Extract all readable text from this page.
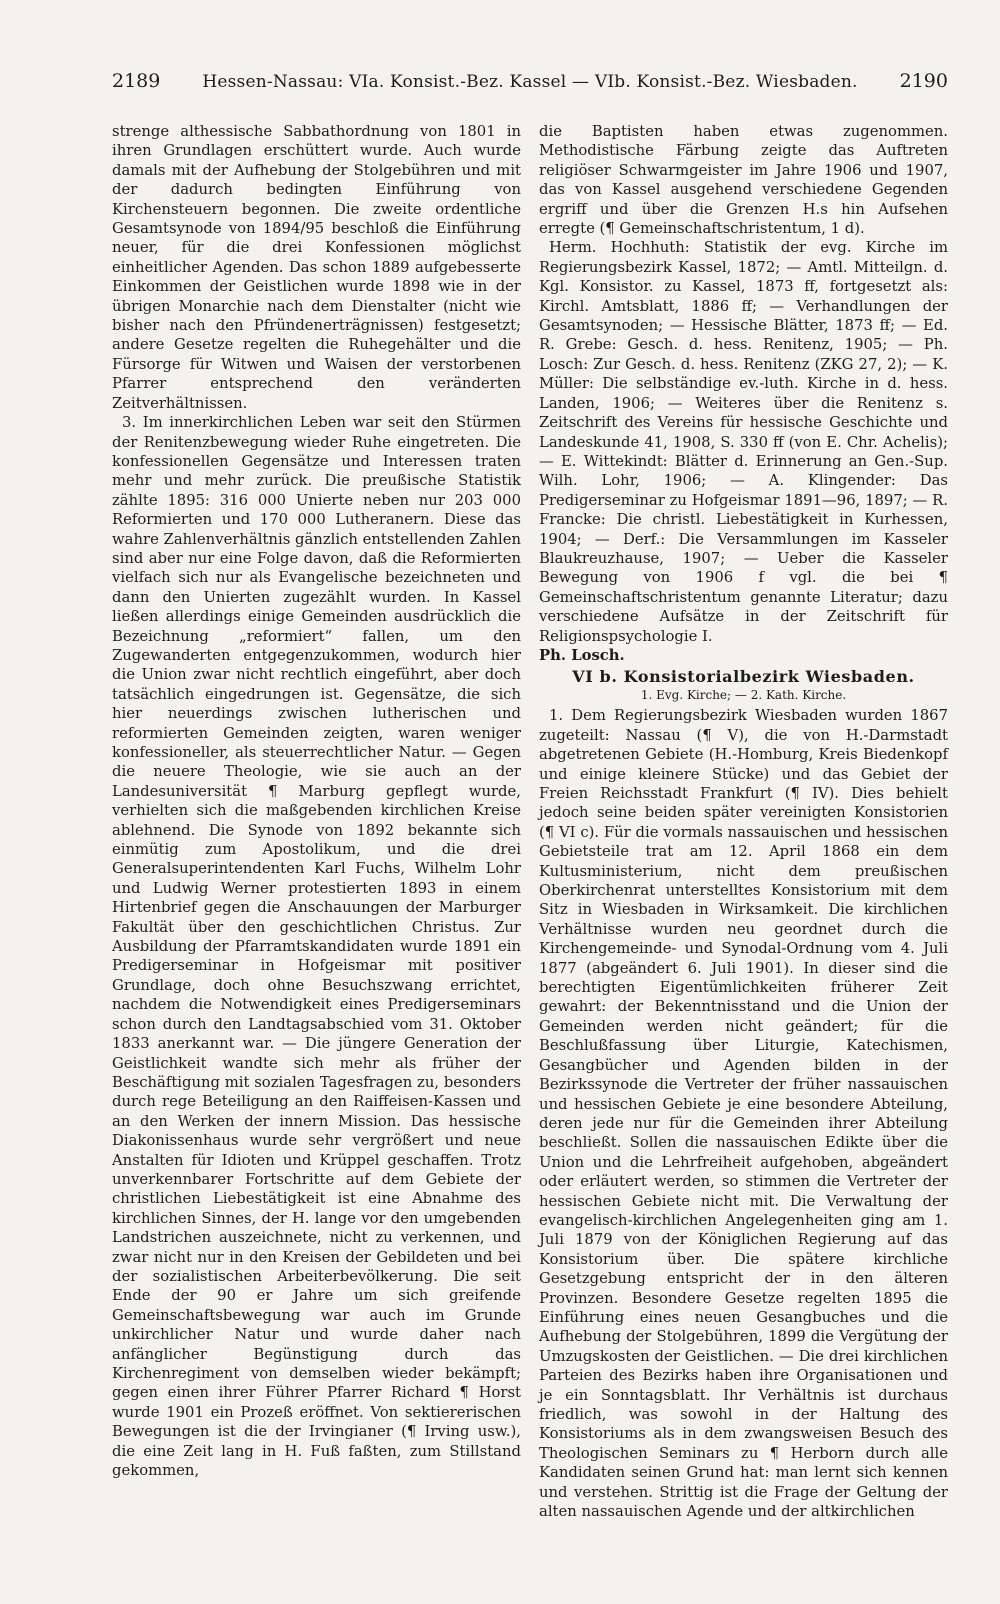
2189 Hessen-Nassau: VIa. Konsist.-Bez. Kassel — VIb. Konsist.-Bez. Wiesbaden. 2190

strenge althessische Sabbathordnung von 1801 in ihren Grundlagen erschüttert wurde. Auch wurde damals mit der Aufhebung der Stolgebühren und mit der dadurch bedingten Einführung von Kirchensteuern begonnen. Die zweite ordentliche Gesamtsynode von 1894/95 beschloß die Einführung neuer, für die drei Konfessionen möglichst einheitlicher Agenden. Das schon 1889 aufgebesserte Einkommen der Geistlichen wurde 1898 wie in der übrigen Monarchie nach dem Dienstalter (nicht wie bisher nach den Pfründenerträgnissen) festgesetzt; andere Gesetze regelten die Ruhegehälter und die Fürsorge für Witwen und Waisen der verstorbenen Pfarrer entsprechend den veränderten Zeitverhältnissen.

3. Im innerkirchlichen Leben war seit den Stürmen der Renitenzbewegung wieder Ruhe eingetreten. Die konfessionellen Gegensätze und Interessen traten mehr und mehr zurück. Die preußische Statistik zählte 1895: 316 000 Unierte neben nur 203 000 Reformierten und 170 000 Lutheranern. Diese das wahre Zahlenverhältnis gänzlich entstellenden Zahlen sind aber nur eine Folge davon, daß die Reformierten vielfach sich nur als Evangelische bezeichneten und dann den Unierten zugezählt wurden. In Kassel ließen allerdings einige Gemeinden ausdrücklich die Bezeichnung „reformiert“ fallen, um den Zugewanderten entgegenzukommen, wodurch hier die Union zwar nicht rechtlich eingeführt, aber doch tatsächlich eingedrungen ist. Gegensätze, die sich hier neuerdings zwischen lutherischen und reformierten Gemeinden zeigten, waren weniger konfessioneller, als steuerrechtlicher Natur. — Gegen die neuere Theologie, wie sie auch an der Landesuniversität ¶ Marburg gepflegt wurde, verhielten sich die maßgebenden kirchlichen Kreise ablehnend. Die Synode von 1892 bekannte sich einmütig zum Apostolikum, und die drei Generalsuperintendenten Karl Fuchs, Wilhelm Lohr und Ludwig Werner protestierten 1893 in einem Hirtenbrief gegen die Anschauungen der Marburger Fakultät über den geschichtlichen Christus. Zur Ausbildung der Pfarramtskandidaten wurde 1891 ein Predigerseminar in Hofgeismar mit positiver Grundlage, doch ohne Besuchszwang errichtet, nachdem die Notwendigkeit eines Predigerseminars schon durch den Landtagsabschied vom 31. Oktober 1833 anerkannt war. — Die jüngere Generation der Geistlichkeit wandte sich mehr als früher der Beschäftigung mit sozialen Tagesfragen zu, besonders durch rege Beteiligung an den Raiffeisen-Kassen und an den Werken der innern Mission. Das hessische Diakonissenhaus wurde sehr vergrößert und neue Anstalten für Idioten und Krüppel geschaffen. Trotz unverkennbarer Fortschritte auf dem Gebiete der christlichen Liebestätigkeit ist eine Abnahme des kirchlichen Sinnes, der H. lange vor den umgebenden Landstrichen auszeichnete, nicht zu verkennen, und zwar nicht nur in den Kreisen der Gebildeten und bei der sozialistischen Arbeiterbevölkerung. Die seit Ende der 90 er Jahre um sich greifende Gemeinschaftsbewegung war auch im Grunde unkirchlicher Natur und wurde daher nach anfänglicher Begünstigung durch das Kirchenregiment von demselben wieder bekämpft; gegen einen ihrer Führer Pfarrer Richard ¶ Horst wurde 1901 ein Prozeß eröffnet. Von sektiererischen Bewegungen ist die der Irvingianer (¶ Irving usw.), die eine Zeit lang in H. Fuß faßten, zum Stillstand gekommen,

die Baptisten haben etwas zugenommen. Methodistische Färbung zeigte das Auftreten religiöser Schwarmgeister im Jahre 1906 und 1907, das von Kassel ausgehend verschiedene Gegenden ergriff und über die Grenzen H.s hin Aufsehen erregte (¶ Gemeinschaftschristentum, 1 d).

Herm. Hochhuth: Statistik der evg. Kirche im Regierungsbezirk Kassel, 1872; — Amtl. Mitteilgn. d. Kgl. Konsistor. zu Kassel, 1873 ff, fortgesetzt als: Kirchl. Amtsblatt, 1886 ff; — Verhandlungen der Gesamtsynoden; — Hessische Blätter, 1873 ff; — Ed. R. Grebe: Gesch. d. hess. Renitenz, 1905; — Ph. Losch: Zur Gesch. d. hess. Renitenz (ZKG 27, 2); — K. Müller: Die selbständige ev.-luth. Kirche in d. hess. Landen, 1906; — Weiteres über die Renitenz s. Zeitschrift des Vereins für hessische Geschichte und Landeskunde 41, 1908, S. 330 ff (von E. Chr. Achelis); — E. Wittekindt: Blätter d. Erinnerung an Gen.-Sup. Wilh. Lohr, 1906; — A. Klingender: Das Predigerseminar zu Hofgeismar 1891—96, 1897; — R. Francke: Die christl. Liebestätigkeit in Kurhessen, 1904; — Derf.: Die Versammlungen im Kasseler Blaukreuzhause, 1907; — Ueber die Kasseler Bewegung von 1906 f vgl. die bei ¶ Gemeinschaftschristentum genannte Literatur; dazu verschiedene Aufsätze in der Zeitschrift für Religionspsychologie I.

Ph. Losch.

VI b. Konsistorialbezirk Wiesbaden.
1. Evg. Kirche; — 2. Kath. Kirche.

1. Dem Regierungsbezirk Wiesbaden wurden 1867 zugeteilt: Nassau (¶ V), die von H.-Darmstadt abgetretenen Gebiete (H.-Homburg, Kreis Biedenkopf und einige kleinere Stücke) und das Gebiet der Freien Reichsstadt Frankfurt (¶ IV). Dies behielt jedoch seine beiden später vereinigten Konsistorien (¶ VI c). Für die vormals nassauischen und hessischen Gebietsteile trat am 12. April 1868 ein dem Kultusministerium, nicht dem preußischen Oberkirchenrat unterstelltes Konsistorium mit dem Sitz in Wiesbaden in Wirksamkeit. Die kirchlichen Verhältnisse wurden neu geordnet durch die Kirchengemeinde- und Synodal-Ordnung vom 4. Juli 1877 (abgeändert 6. Juli 1901). In dieser sind die berechtigten Eigentümlichkeiten früherer Zeit gewahrt: der Bekenntnisstand und die Union der Gemeinden werden nicht geändert; für die Beschlußfassung über Liturgie, Katechismen, Gesangbücher und Agenden bilden in der Bezirkssynode die Vertreter der früher nassauischen und hessischen Gebiete je eine besondere Abteilung, deren jede nur für die Gemeinden ihrer Abteilung beschließt. Sollen die nassauischen Edikte über die Union und die Lehrfreiheit aufgehoben, abgeändert oder erläutert werden, so stimmen die Vertreter der hessischen Gebiete nicht mit. Die Verwaltung der evangelisch-kirchlichen Angelegenheiten ging am 1. Juli 1879 von der Königlichen Regierung auf das Konsistorium über. Die spätere kirchliche Gesetzgebung entspricht der in den älteren Provinzen. Besondere Gesetze regelten 1895 die Einführung eines neuen Gesangbuches und die Aufhebung der Stolgebühren, 1899 die Vergütung der Umzugskosten der Geistlichen. — Die drei kirchlichen Parteien des Bezirks haben ihre Organisationen und je ein Sonntagsblatt. Ihr Verhältnis ist durchaus friedlich, was sowohl in der Haltung des Konsistoriums als in dem zwangsweisen Besuch des Theologischen Seminars zu ¶ Herborn durch alle Kandidaten seinen Grund hat: man lernt sich kennen und verstehen. Strittig ist die Frage der Geltung der alten nassauischen Agende und der altkirchlichen
